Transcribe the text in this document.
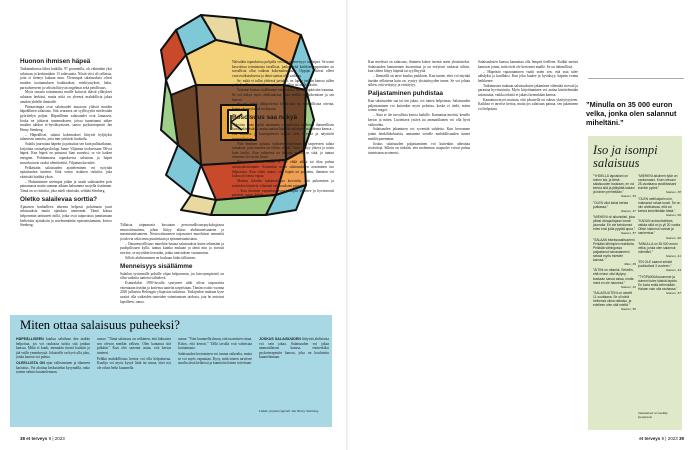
Huonon ihmisen häpeä

Tutkimuksessa löhes kaikilla, 97 prosentilla, oli vähintään yksi salaisuus ja keskimäärin 13 salaisuutta. Niistä viisi oli sellaisia, joita ei tiennyt kukaan muu. Yleisimpiä salaisuuksia olivat muiden tuottamuksen loukkaukset, mielitymykset, halut, parisuhteeseen ja seksiin liittyvät ongelmat sekä petollisuus.

Myös omasta toiminnasta muille koituvat ikävät yllätykset salataan herkästi, mutta niitä on yleensä mahdollista jakaa ainakin yhdelle ihmiselle.

Piinaavimpia ovat salaisuudet muotoon yltävät muiden häpeällinen salaisuus. Sitä seuraava on syyllisyyttä mielessään pyörittelyn paljon. Häpeällinen salaisuudet ovat lamaavia, koska ne johtavat tuntemukseen, joissa tunnistanut näkee muiden tahdon ei-hyväksymisen, sanoo psykoterapeutti Jan Henry Stenberg.

– Häpeälliset, salatut kokemukset liittyvät hyljityksi tulemisen tunteita, joita mm yrittävät huokaila.

Salailu juurruttaa häpeän ja paisuttaa sen kuin pullataikinan, kirjoittaa sosiaalipsykologi Janne Viljamaa teoksessaan Ollvoi häpeä. Kun häpeä on paisunut liian suureksi, se vie kaiken energian. Pahimmassa tapauksessa salaisuus ja häpeä mosidostuvat osaksi identiteettiä, Viljamaa kuvailee.

Pelkästään salaisuuden ajatteleminen voi syöyttää epäaitouden tunteen. Siitä venoo sisäinen ristiriita, joka vääristää hiaähtä yksin.

– Haluaisimme useimpia jotkin ja saada salaisuuden pois painamasta mutta samaan aikaan haluamme suojella itseämme. Tämä on se ristiriita, joka mieli vääristää, selittää Stenberg.

Oletko salailevaa sorttia?

Ajatusten harhailleva alueena helposti pohtimaan juuri salaisuuksia mutta ajatuksia unenomin. Tämä koituu helpommin tarttuneet niillä, jotka ovat taipuvaisia jumitumaan kielteisiin ajatuksiin ja mielenmäärän epäonnistumaan, kertoo Stenberg.	Tällaista taipumusta kuvataan persoonallisuuspsykologiassa neuroottisuutena, johon liittyy alttius ahdistuneisuuteen ja masentuneisuuteen. Neuroottisuuteen taipuvaiset murehtivat menneitä ja tulevia sekä omia puutteitaan ja epäonnistumisiaan.

– Ontuneuroillisuus murehtia hautaa salaisuuksia kuten tekemään ja puolipilistuen kyllä, tuntuu kuinka mukaan ja tämä niin ja itsessäi tarvitse, se myydään itsessään, jonka omistuksen vastaanoton.

Sillolo ahdistuminen on koskaan hidas tällaiseen.

Menneisyys sisällämme

Salailun syvimmille poluille ohjaa helpommin, jos kasvuympäristö on ollut vaikeita tunteita välttelevä.

Esimerkiksi 1950-luvulla syntyneet äidit olivat taipuvaisia vaientaaan itseään ja kotiensa tunteita tarpeistaan. Tämän osoitti vuonna 2020 julkaistu Helsingin yliopiston tutkimus. Tutkijoiden mukaan kyse saattoi olla vaikeiden tunteiden vaientamisen taidosta, jota he antoivat lapsilleen, sanoo.

Näissäkin tapauksissa pohjalla voi olla menneisyys tai häpeä. Se usein kasvoittaa toiminnasta tavallisia, jonka tieltä kaikkien oppiminen on turvallista ollut vaikeaa kokemuksessaan. Oppijat olisivat olleet vuorovaikutuksessa ja tämä saattaa olla vaikeaa.

Se, mikä ei tullut yhdessä jaetuksi, on lupaa jonkun kanssa tullen pohjalta. Tämä voi johtaa myös traumoihin tai ahdistuksiin.

Voimme kantaa sisällämme esimerkiksi kasvuympäristön traumaa. Se voi näkyä myös ahdistuksina, joita meillä on kokemisen ja sen kanssa.

Se voi näkyä jälkipolvissa henkisissä tai ruumiillisina oireina, kuten väsymyksenä tai kipuna.

Rosoisuus saa näkyä

Nykyisin moni pyrkii antamaan sosiaalisessa mediassa ihanteellisen kuvan elämästään, mutta saattaa kipuilla salattujen asioidensa kanssa – että kuvassa ja kaveripiirissä kaikin ovat terveitä ja näyttävät nuoruudestaan.

Niin ihminen ajautuu sisäiseen ristiriitaan ja tarpeeseen salata totuuksia, joita muiden on oikeus nähdä. Tästä syntyy yhteys ja toisin kuin luulisi. Kun suhteessa on häpeää, seuraa se siitä, ja tuntuu ettemme ole täysin läsnä.

Hänen mukaansa meillä ei ole ehkä aikaa tai tilaa puhua salaisuuksistamme. Kuitenkin usein salaisuuksien avaaminen tuo helpotusta. Kun sitten tuntee, että häpeä on poistettu, ihminen voi kokea olevansa vapaa.

Markus Jokelan tutkimuksissa kuvattiin, että puhumisen ja tunteiden käsittely vähentää salaisuuksien painetta.

– Kun ihminen vapauttaa itsensä, häpeä vähenee ja hyvinvointi paranee, sanoo Jokela.

Miten ottaa salaisuus puheeksi?

HÄPEÄLLISEEN kuuluu salailuun den taakke helpottaa, jos voi rauhassa turkia sitä jonkun kanssa. Mikä ei kuuli, mennään itsestä kuiskin ja jää vaille ymmärrystä. Jokaiselle on hyvä olla joku, jonka kanssa voi puhua.

OLEELLISTA ON ajan valitseminen ja tilanteen kartoitus. Voi aloittaa keskustelun kysymällä, onko toinen valmis kuuntelemaan.

sanoo: "Tämä salaisuus on sellainen, että haluaisin sen olevan meidän välisen. Olen kantanut sitä pitkään." Kun olet sanonut asian, voit kertoa tunteesi.

Pelkkä mahdollisuus kertoa voi olla helpottavaa. Kuulija voi myös kysyä lisää tai sanoa, ettei nyt ole oikea hetki kuunnella.

sanoa: "Voin kuunnella ilman, että tuomitsen sinua. Kiitos, että kerroit." Tällä tavalla voit vahvistaa luottamusta.

Salaisuuden kertominen voi tuntua vaikealta, mutta se voi myös vapauttaa. Kysy, mitä toinen tarvitsee sinulta tässä hetkessä ja kunnioita hänen toiveitaan.

JOSKUS SALAISUUDEN liittyvää ahdistusta voi vain jakaa. Salaisuuden voi jakaa ammattilaisen kanssa, esimerkiksi psykoterapeutin kanssa, joka on koulutettu kuuntelemaan.

Lähde: psykoterapeutti Jan Henry Stenberg.

Kun mielessä on salaisuus, ihminen kokee itsensä usein yksinäiseksi. Salaisuuden kantaminen kuormittaa ja on erityisen raskasta silloin, kun siihen liittyy häpeää tai syyllisyyttä.

– Ihmisellä on tarve kuulua joukkoon. Kun tuntee, ettei voi näyttää itseään sellaisena kuin on, syntyy yksinäisyyden tunne. Se voi johtaa siihen, että vetäytyy ja eristäytyy.

Paljastaminen puhdistaa

Kun salaisuuden saa tai sen jakaa, voi tuntea helpotusta. Salaisuuden paljastaminen voi kuitenkin myös pelottaa, koska ei tiedä, miten toinen reagoi.

– Aina ei ole turvallista kertoa kaikille. Kannattaa miettiä, kenelle kertoo ja miten. Luotettava ystävä tai ammattilainen voi olla hyvä vaihtoehto.

Salaisuuden jakaminen voi syventää suhdetta. Kun kerromme jotain henkilökohtaista, annamme toiselle mahdollisuuden tuntea meidät paremmin.

Joskus salaisuuden paljastaminen voi kuitenkin aiheuttaa ristiriitoja. Silloin on tärkeää, että molemmat osapuolet voivat puhua tunteistaan avoimesti.

Salaisuuksien kanssa kannattaa olla lempeä itselleen. Kaikki meistä kantavat jotain, mitä eivät ole kertoneet muille. Se on inhimillistä.

– Häpeästä vapautuminen vaatii usein sen, että asia tulee nähdyksi ja kuulluksi. Kun joku kuulee ja hyväksyy, häpeän voima heikkenee.

Tutkimusten mukaan salaisuuksien jakaminen vähentää stressiä ja parantaa hyvinvointia. Myös kirjoittaminen voi auttaa käsittelemään salaisuutta, vaikka tekstiä ei jakaisi kenenkään kanssa.

Kannattaa myös muistaa, että jokaisella on oikeus yksityisyyteen. Kaikkea ei tarvitse kertoa, mutta jos salaisuus painaa, sen jakaminen voi helpottaa.

”Minulla on 35 000 euron velka, jonka olen salannut miheltäni.”
Iso ja isompi salaisuus
"YHDELLÄ lapsistani on toinen isä, ja tämä salaisuuden haukaan, en voi kertoa sitä ja jätkyttää lastani ja hänen perheitään."
Nainen, 54
"OLEN ollut kaksi kertaa putkassa."
Nainen, 47
"MIEHENI oli alkoholisti, joka piilasi viinapullojaan lomat joumalla. En ole kehdannut edes ensi juilla pyytää apua."
Nainen, 57
"SALAAN biseksuaalisuuteni. Pelkään lähimpien reaktioita. Pelkkää vähingossa paljastanut harrastaneeni seksiä myös miesten kanssa."
Mies, 39
"ÄITINI on ottaelut. Sekellin, että minun olisi täytyny koskaan sanoa asiaa, mutta minä en ole halunnut."
Nainen, 32
"SALAISUUTENI on abortti 11-vuotiaana. Se oli siinä hetkessä oikea ratkaisu, ja edelleen olen sitä mieltä."
Nainen, 50
"MIEHENI aikuinen tytär on narkomaani. Koen olevani 25-vuotiaana avioliitossani kuinkin pyörä."
Nainen, 38
"OLEN nettihuijarin uhri, maksanut rahaa tuosti. Se on niin ahdistavaa, että voi kertoa kenellekään tästä."
Nainen, 60
"KADUN aviosuhdettani, vaikka siitä on jo yli 20 vuotta. Olisin halunnut vanhat ja vanhentua."
Nainen, 66
"MINULLA on 35 000 euron velka, jonka olen salannut miheltäni."
Nainen, 41
"EN OLE saanut seksiä puolisoltani 3 vuoteen."
Nainen, 44
"TYÖPAIKKAsuusenne ja toimeni tulee käsinä lapsiin. En luota enää kehenkään. Haluan vain olla rauhassa."
Nainen, 57
Vastaukset on kerätty kyselyssä.
38 et terveys 9 | 2023	et terveys 9 | 2023 39
